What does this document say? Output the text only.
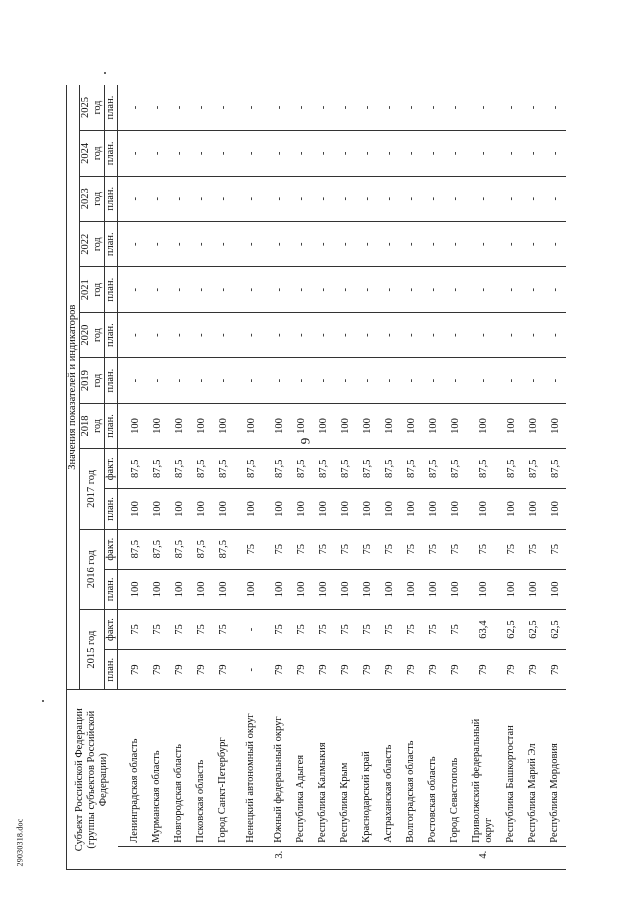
9
29030318.doc	Субъект Российской Федерации (группы субъектов Российской Федерации)		Значения показателей и индикаторов													
		2015 год		2016 год		2017 год		2018 год	2019 год	2020 год	2021 год	2022 год	2023 год	2024 год	2025 год

		план.	факт.	план.	факт.	план.	факт.	план.	план.	план.	план.	план.	план.	план.	план.
	Ленинградская область	79	75	100	87,5	100	87,5	100	-	-	-	-	-	-	-
	Мурманская область	79	75	100	87,5	100	87,5	100	-	-	-	-	-	-	-
	Новгородская область	79	75	100	87,5	100	87,5	100	-	-	-	-	-	-	-
	Псковская область	79	75	100	87,5	100	87,5	100	-	-	-	-	-	-	-
	Город Санкт-Петербург	79	75	100	87,5	100	87,5	100	-	-	-	-	-	-	-
	Ненецкий автономный округ	-	-	100	75	100	87,5	100	-	-	-	-	-	-	-
3.	Южный федеральный округ	79	75	100	75	100	87,5	100	-	-	-	-	-	-	-
	Республика Адыгея	79	75	100	75	100	87,5	100	-	-	-	-	-	-	-
	Республика Калмыкия	79	75	100	75	100	87,5	100	-	-	-	-	-	-	-
	Республика Крым	79	75	100	75	100	87,5	100	-	-	-	-	-	-	-
	Краснодарский край	79	75	100	75	100	87,5	100	-	-	-	-	-	-	-
	Астраханская область	79	75	100	75	100	87,5	100	-	-	-	-	-	-	-
	Волгоградская область	79	75	100	75	100	87,5	100	-	-	-	-	-	-	-
	Ростовская область	79	75	100	75	100	87,5	100	-	-	-	-	-	-	-
	Город Севастополь	79	75	100	75	100	87,5	100	-	-	-	-	-	-	-
4.	Приволжский федеральный округ	79	63,4	100	75	100	87,5	100	-	-	-	-	-	-	-
	Республика Башкортостан	79	62,5	100	75	100	87,5	100	-	-	-	-	-	-	-
	Республика Марий Эл	79	62,5	100	75	100	87,5	100	-	-	-	-	-	-	-
	Республика Мордовия	79	62,5	100	75	100	87,5	100	-	-	-	-	-	-	-
